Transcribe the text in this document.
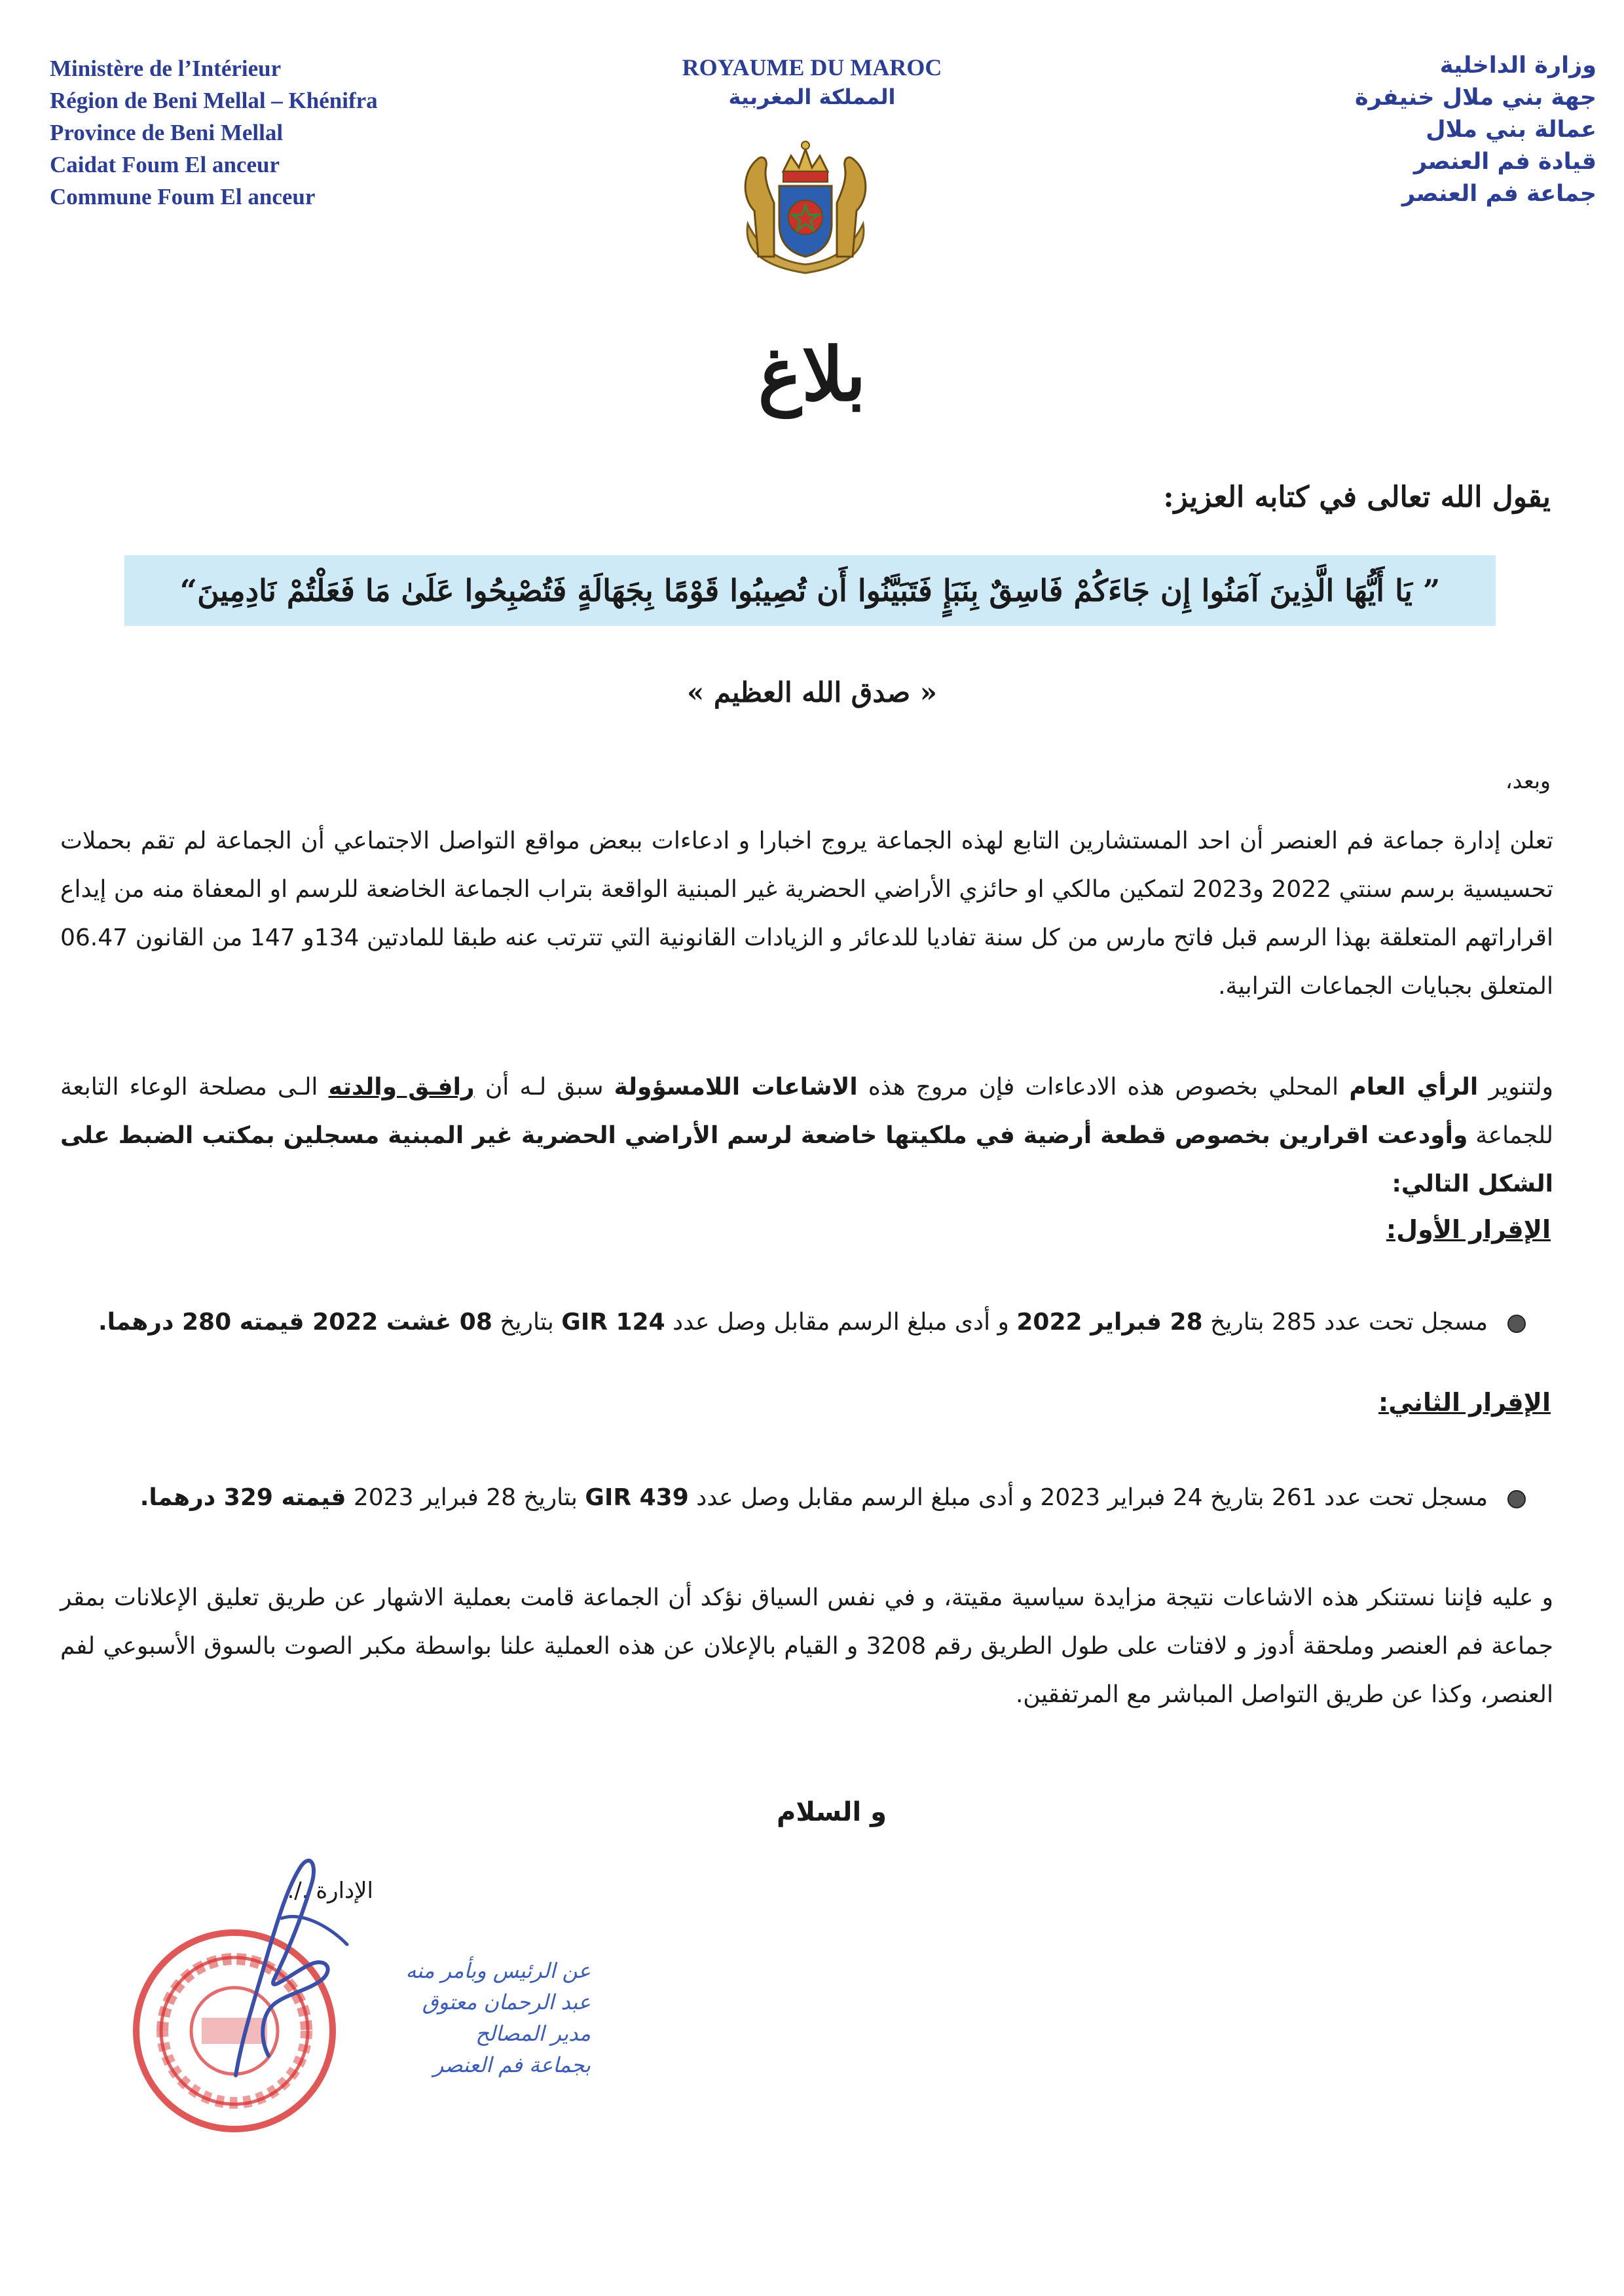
Ministère de l’Intérieur
Région de Beni Mellal – Khénifra
Province de Beni Mellal
Caidat Foum El anceur
Commune Foum El anceur
ROYAUME DU MAROC
المملكة المغربية
وزارة الداخلية
جهة بني ملال خنيفرة
عمالة بني ملال
قيادة فم العنصر
جماعة فم العنصر
بلاغ
يقول الله تعالى في كتابه العزيز:
” يَا أَيُّهَا الَّذِينَ آمَنُوا إِن جَاءَكُمْ فَاسِقٌ بِنَبَإٍ فَتَبَيَّنُوا أَن تُصِيبُوا قَوْمًا بِجَهَالَةٍ فَتُصْبِحُوا عَلَىٰ مَا فَعَلْتُمْ نَادِمِينَ“
« صدق الله العظيم »
وبعد،
تعلن إدارة جماعة فم العنصر أن احد المستشارين التابع لهذه الجماعة يروج اخبارا و ادعاءات ببعض مواقع التواصل الاجتماعي أن الجماعة لم تقم بحملات تحسيسية برسم سنتي 2022 و2023 لتمكين مالكي او حائزي الأراضي الحضرية غير المبنية الواقعة بتراب الجماعة الخاضعة للرسم او المعفاة منه من إيداع اقراراتهم المتعلقة بهذا الرسم قبل فاتح مارس من كل سنة تفاديا للدعائر و الزيادات القانونية التي تترتب عنه طبقا للمادتين 134و 147 من القانون 06.47 المتعلق بجبايات الجماعات الترابية.
ولتنوير الرأي العام المحلي بخصوص هذه الادعاءات فإن مروج هذه الاشاعات اللامسؤولة سبق لـه أن رافـق والدته الـى مصلحة الوعاء التابعة للجماعة وأودعت اقرارين بخصوص قطعة أرضية في ملكيتها خاضعة لرسم الأراضي الحضرية غير المبنية مسجلين بمكتب الضبط على الشكل التالي:
الإقرار الأول:
مسجل تحت عدد 285 بتاريخ 28 فبراير 2022 و أدى مبلغ الرسم مقابل وصل عدد 124 GIR بتاريخ 08 غشت 2022 قيمته 280 درهما.
الإقرار الثاني:
مسجل تحت عدد 261 بتاريخ 24 فبراير 2023 و أدى مبلغ الرسم مقابل وصل عدد 439 GIR بتاريخ 28 فبراير 2023 قيمته 329 درهما.
و عليه فإننا نستنكر هذه الاشاعات نتيجة مزايدة سياسية مقيتة، و في نفس السياق نؤكد أن الجماعة قامت بعملية الاشهار عن طريق تعليق الإعلانات بمقر جماعة فم العنصر وملحقة أدوز و لافتات على طول الطريق رقم 3208 و القيام بالإعلان عن هذه العملية علنا بواسطة مكبر الصوت بالسوق الأسبوعي لفم العنصر، وكذا عن طريق التواصل المباشر مع المرتفقين.
و السلام
الإدارة ./.
عن الرئيس وبأمر منه
عبد الرحمان معتوق
مدير المصالح
بجماعة فم العنصر
